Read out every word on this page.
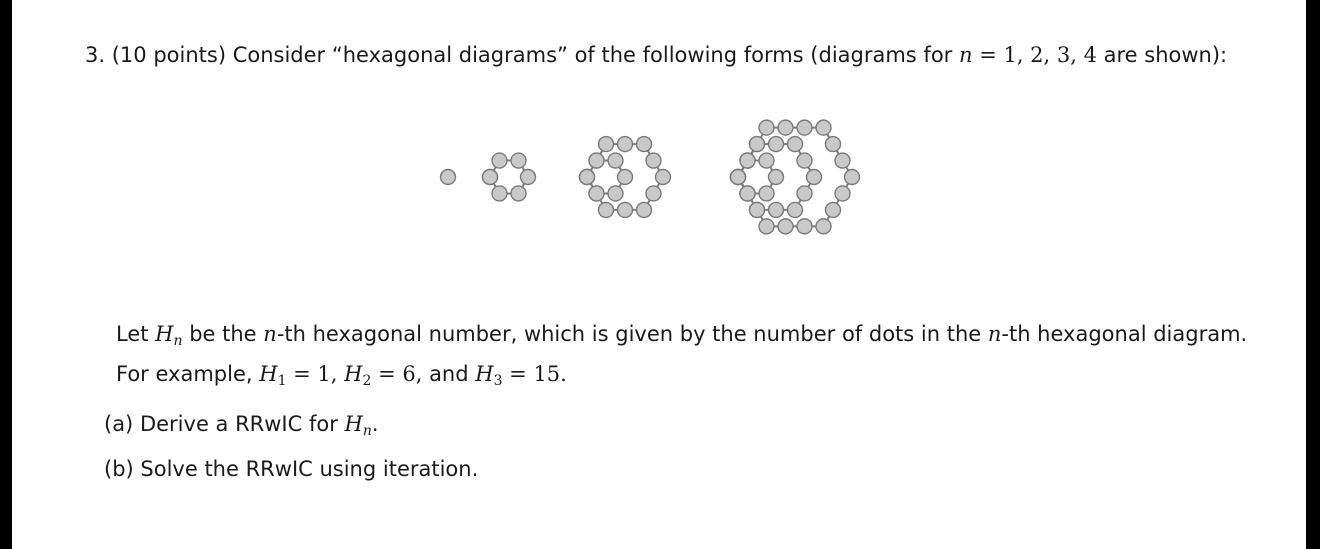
3. (10 points) Consider “hexagonal diagrams” of the following forms (diagrams for n = 1, 2, 3, 4 are shown):
Let $H_n$ be the n-th hexagonal number, which is given by the number of dots in the n-th hexagonal diagram.
For example, $H_1 = 1$, $H_2 = 6$, and $H_3 = 15$.
(a) Derive a RRwIC for $H_n$.
(b) Solve the RRwIC using iteration.
